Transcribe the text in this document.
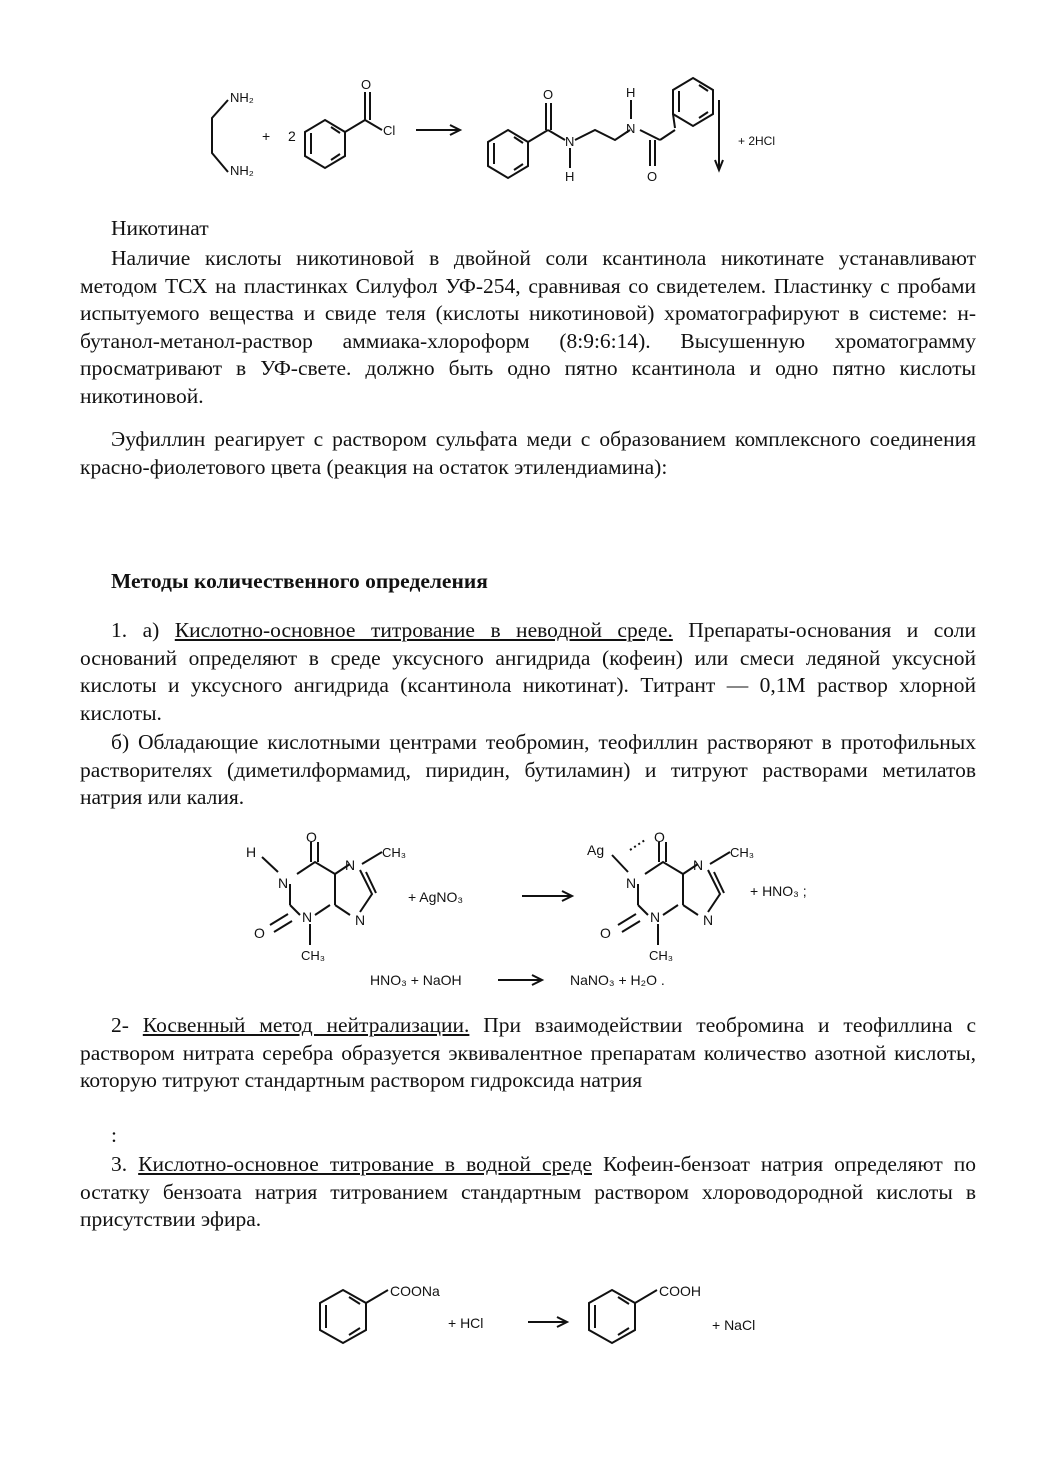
NH₂
NH₂
+ 2
O
Cl
O
N
H
H
N
O
+ 2HCl

Никотинат

Наличие кислоты никотиновой в двойной соли ксантинола никотинате устанавливают методом ТСХ на пластинках Силуфол УФ-254, сравнивая со свидетелем. Пластинку с пробами испытуемого вещества и свиде теля (кислоты никотиновой) хроматографируют в системе: н-бутанол-метанол-раствор аммиака-хлороформ (8:9:6:14). Высушенную хроматограмму просматривают в УФ-свете. должно быть одно пятно ксантинола и одно пятно кислоты никотиновой.

Эуфиллин реагирует с раствором сульфата меди с образованием комплексного соединения красно-фиолетового цвета (реакция на остаток этилендиамина):

Методы количественного определения

1. а) Кислотно-основное титрование в неводной среде. Препараты-основания и соли оснований определяют в среде уксусного ангидрида (кофеин) или смеси ледяной уксусной кислоты и уксусного ангидрида (ксантинола никотинат). Титрант — 0,1М раствор хлорной кислоты.

б) Обладающие кислотными центрами теобромин, теофиллин растворяют в протофильных растворителях (диметилформамид, пиридин, бутиламин) и титруют растворами метилатов натрия или калия.

H
O
CH₃
N
N
N
N
O
CH₃
+ AgNO₃
Ag
O
CH₃
N
N
N
N
O
CH₃
+ HNO₃ ;
HNO₃ + NaOH	NaNO₃ + H₂O .

2- Косвенный метод нейтрализации. При взаимодействии теобромина и теофиллина с раствором нитрата серебра образуется эквивалентное препаратам количество азотной кислоты, которую титруют стандартным раствором гидроксида натрия

:

3. Кислотно-основное титрование в водной среде Кофеин-бензоат натрия определяют по остатку бензоата натрия титрованием стандартным раствором хлороводородной кислоты в присутствии эфира.

COONa
+ HCl
COOH
+ NaCl
